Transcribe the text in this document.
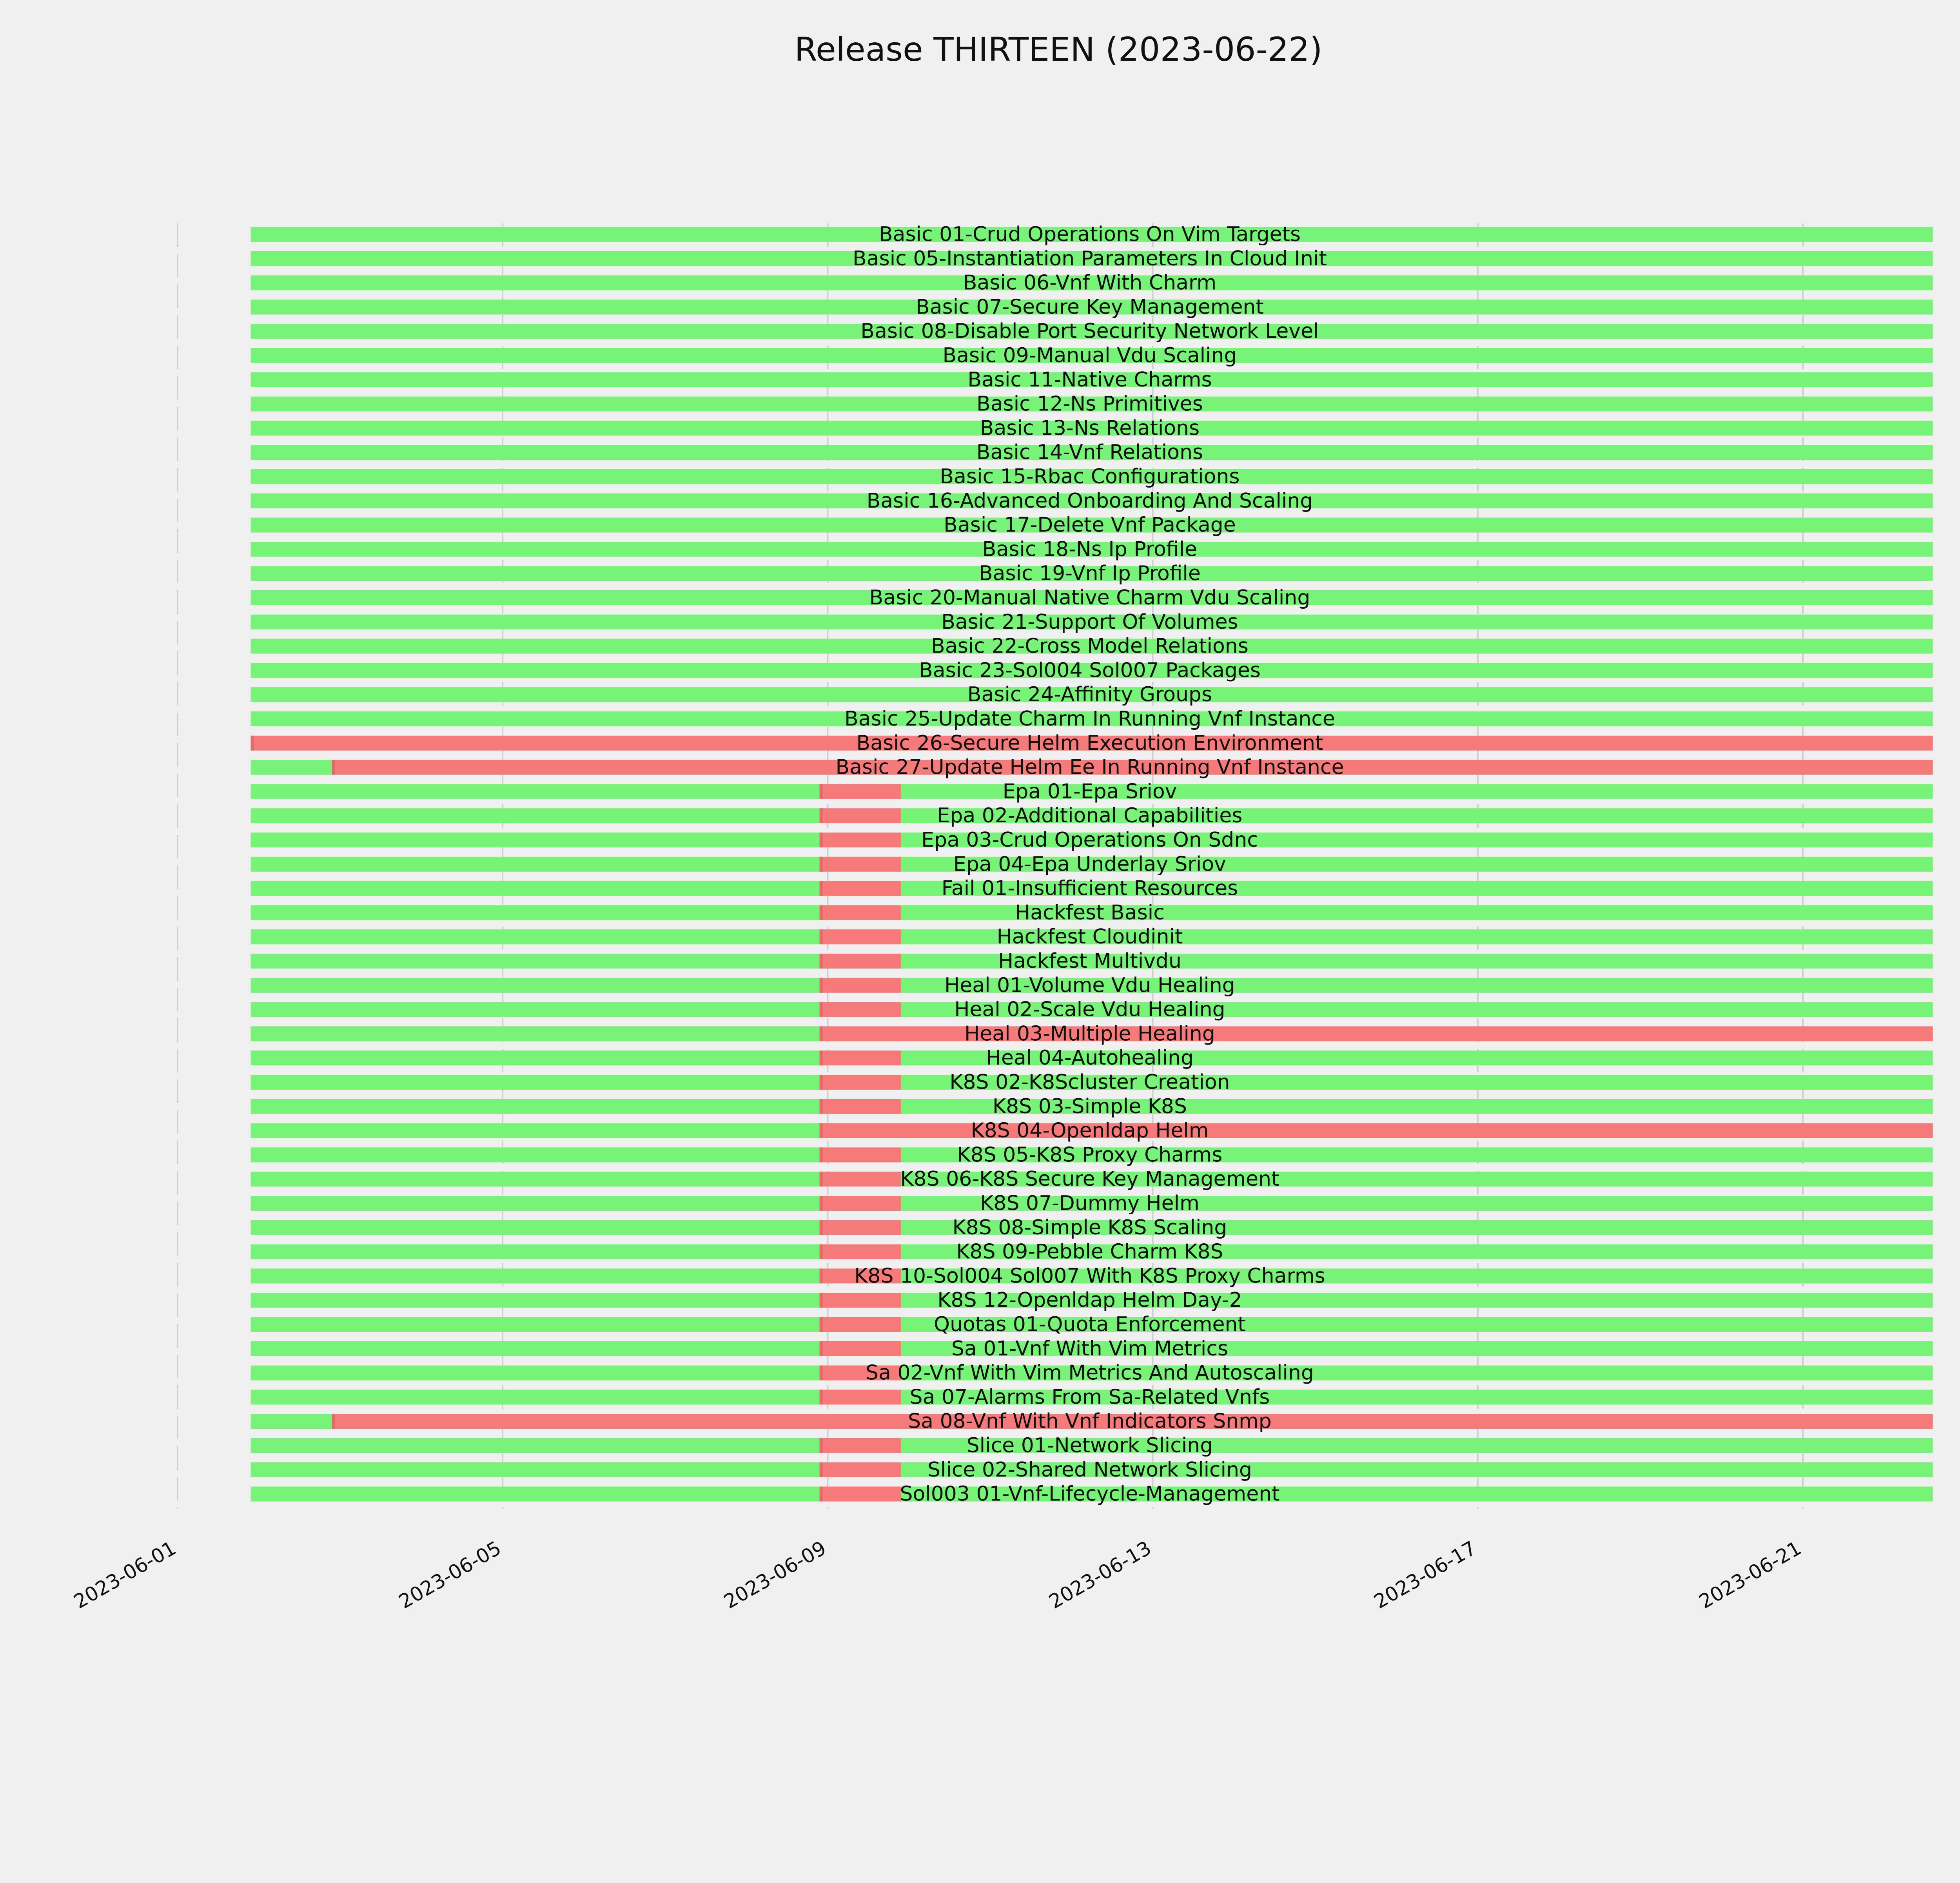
Basic 01-Crud Operations On Vim Targets
Basic 05-Instantiation Parameters In Cloud Init
Basic 06-Vnf With Charm
Basic 07-Secure Key Management
Basic 08-Disable Port Security Network Level
Basic 09-Manual Vdu Scaling
Basic 11-Native Charms
Basic 12-Ns Primitives
Basic 13-Ns Relations
Basic 14-Vnf Relations
Basic 15-Rbac Configurations
Basic 16-Advanced Onboarding And Scaling
Basic 17-Delete Vnf Package
Basic 18-Ns Ip Profile
Basic 19-Vnf Ip Profile
Basic 20-Manual Native Charm Vdu Scaling
Basic 21-Support Of Volumes
Basic 22-Cross Model Relations
Basic 23-Sol004 Sol007 Packages
Basic 24-Affinity Groups
Basic 25-Update Charm In Running Vnf Instance
Basic 26-Secure Helm Execution Environment
Basic 27-Update Helm Ee In Running Vnf Instance
Epa 01-Epa Sriov
Epa 02-Additional Capabilities
Epa 03-Crud Operations On Sdnc
Epa 04-Epa Underlay Sriov
Fail 01-Insufficient Resources
Hackfest Basic
Hackfest Cloudinit
Hackfest Multivdu
Heal 01-Volume Vdu Healing
Heal 02-Scale Vdu Healing
Heal 03-Multiple Healing
Heal 04-Autohealing
K8S 02-K8Scluster Creation
K8S 03-Simple K8S
K8S 04-Openldap Helm
K8S 05-K8S Proxy Charms
K8S 06-K8S Secure Key Management
K8S 07-Dummy Helm
K8S 08-Simple K8S Scaling
K8S 09-Pebble Charm K8S
K8S 10-Sol004 Sol007 With K8S Proxy Charms
K8S 12-Openldap Helm Day-2
Quotas 01-Quota Enforcement
Sa 01-Vnf With Vim Metrics
Sa 02-Vnf With Vim Metrics And Autoscaling
Sa 07-Alarms From Sa-Related Vnfs
Sa 08-Vnf With Vnf Indicators Snmp
Slice 01-Network Slicing
Slice 02-Shared Network Slicing
Sol003 01-Vnf-Lifecycle-Management
2023-06-01	2023-06-05	2023-06-09	2023-06-13	2023-06-17	2023-06-21
Release THIRTEEN (2023-06-22)
